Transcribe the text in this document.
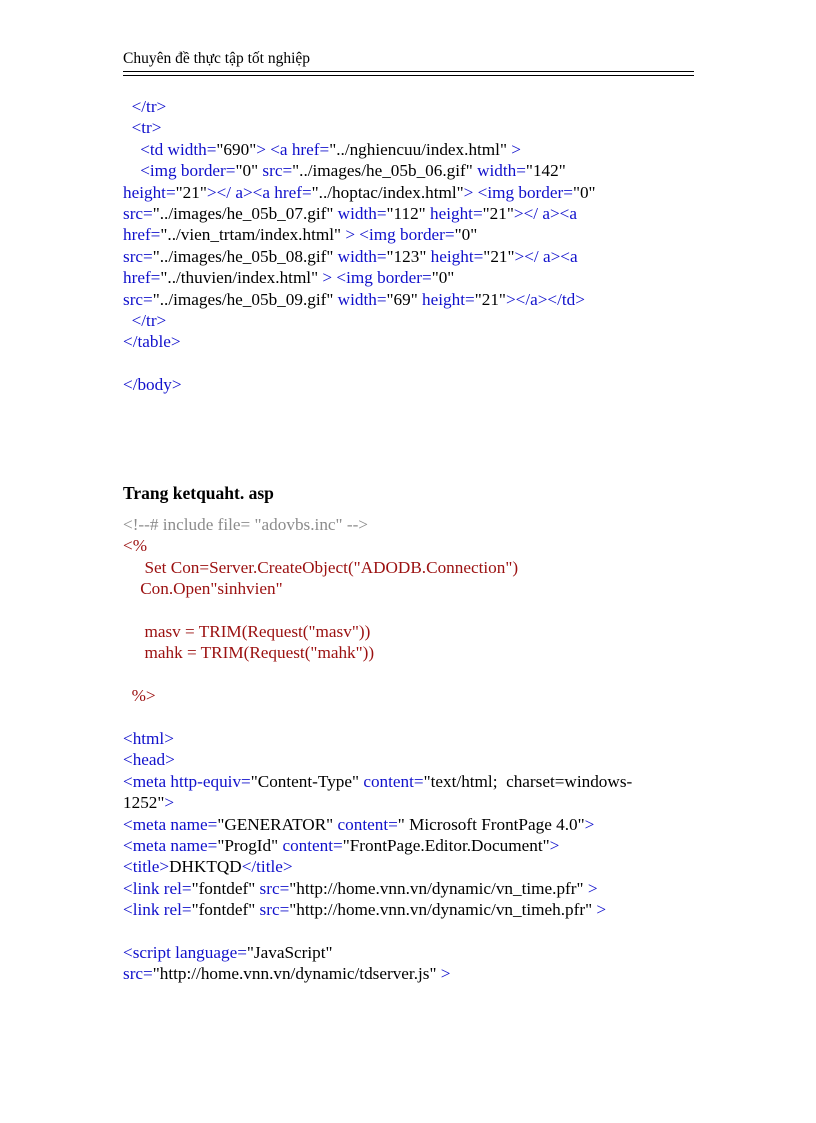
Chuyên đề thực tập tốt nghiệp
</tr>
<tr>
<td width="690"> <a href="../nghiencuu/index.html" >
<img border="0" src="../images/he_05b_06.gif" width="142"
height="21"></ a><a href="../hoptac/index.html"> <img border="0"
src="../images/he_05b_07.gif" width="112" height="21"></ a><a
href="../vien_trtam/index.html" > <img border="0"
src="../images/he_05b_08.gif" width="123" height="21"></ a><a
href="../thuvien/index.html" > <img border="0"
src="../images/he_05b_09.gif" width="69" height="21"></a></td>
</tr>
</table>
</body>
Trang ketquaht. asp
<!--# include file= "adovbs.inc" -->
<%
Set Con=Server.CreateObject("ADODB.Connection")
Con.Open"sinhvien"
masv = TRIM(Request("masv"))
mahk = TRIM(Request("mahk"))
%>
<html>
<head>
<meta http-equiv="Content-Type" content="text/html;  charset=windows-
1252">
<meta name="GENERATOR" content=" Microsoft FrontPage 4.0">
<meta name="ProgId" content="FrontPage.Editor.Document">
<title>DHKTQD</title>
<link rel="fontdef" src="http://home.vnn.vn/dynamic/vn_time.pfr" >
<link rel="fontdef" src="http://home.vnn.vn/dynamic/vn_timeh.pfr" >
<script language="JavaScript"
src="http://home.vnn.vn/dynamic/tdserver.js" >
